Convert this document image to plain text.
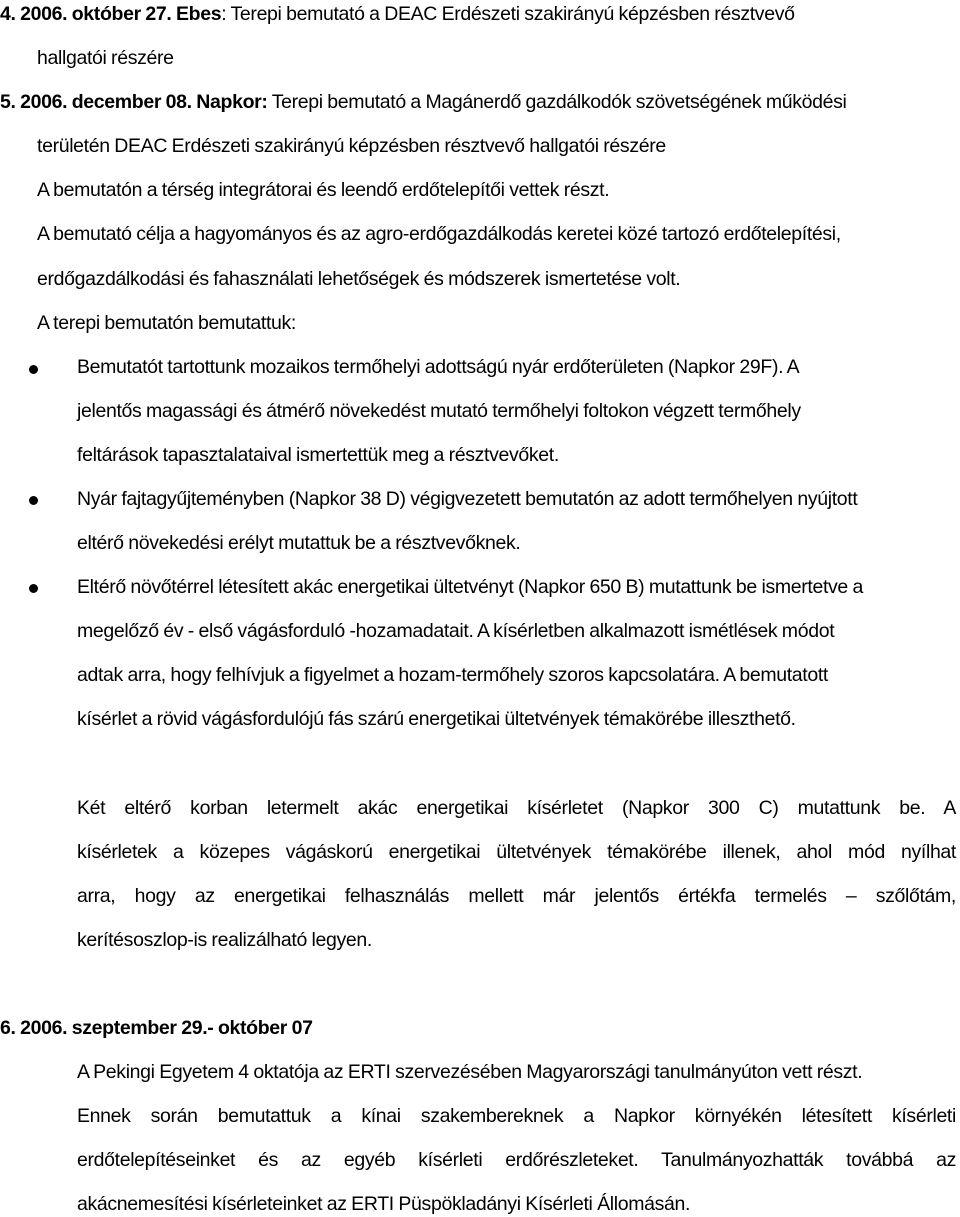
4. 2006. október 27. Ebes: Terepi bemutató a DEAC Erdészeti szakirányú képzésben résztvevő
hallgatói részére
5. 2006. december 08. Napkor: Terepi bemutató a Magánerdő gazdálkodók szövetségének működési
területén DEAC Erdészeti szakirányú képzésben résztvevő hallgatói részére
A bemutatón a térség integrátorai és leendő erdőtelepítői vettek részt.
A bemutató célja a hagyományos és az agro-erdőgazdálkodás keretei közé tartozó erdőtelepítési,
erdőgazdálkodási és fahasználati lehetőségek és módszerek ismertetése volt.
A terepi bemutatón bemutattuk:
Bemutatót tartottunk mozaikos termőhelyi adottságú nyár erdőterületen (Napkor 29F). A
jelentős magassági és átmérő növekedést mutató termőhelyi foltokon végzett termőhely
feltárások tapasztalataival ismertettük meg a résztvevőket.
Nyár fajtagyűjteményben (Napkor 38 D) végigvezetett bemutatón az adott termőhelyen nyújtott
eltérő növekedési erélyt mutattuk be a résztvevőknek.
Eltérő növőtérrel létesített akác energetikai ültetvényt (Napkor 650 B) mutattunk be ismertetve a
megelőző év - első vágásforduló -hozamadatait. A kísérletben alkalmazott ismétlések módot
adtak arra, hogy felhívjuk a figyelmet a hozam-termőhely szoros kapcsolatára. A bemutatott
kísérlet a rövid vágásfordulójú fás szárú energetikai ültetvények témakörébe illeszthető.
Két eltérő korban letermelt akác energetikai kísérletet (Napkor 300 C) mutattunk be. A
kísérletek a közepes vágáskorú energetikai ültetvények témakörébe illenek, ahol mód nyílhat
arra, hogy az energetikai felhasználás mellett már jelentős értékfa termelés – szőlőtám,
kerítésoszlop-is realizálható legyen.
6. 2006. szeptember 29.- október 07
A Pekingi Egyetem 4 oktatója az ERTI szervezésében Magyarországi tanulmányúton vett részt.
Ennek során bemutattuk a kínai szakembereknek a Napkor környékén létesített kísérleti
erdőtelepítéseinket és az egyéb kísérleti erdőrészleteket. Tanulmányozhatták továbbá az
akácnemesítési kísérleteinket az ERTI Püspökladányi Kísérleti Állomásán.
